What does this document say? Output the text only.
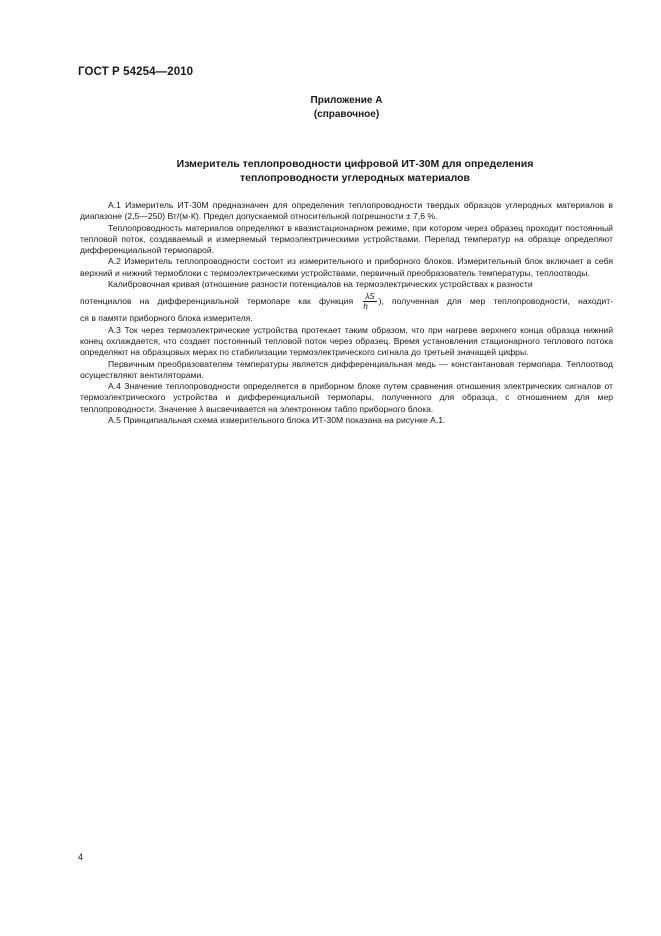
ГОСТ Р 54254—2010
Приложение А
(справочное)
Измеритель теплопроводности цифровой ИТ-30М для определения
теплопроводности углеродных материалов

А.1 Измеритель ИТ-30М предназначен для определения теплопроводности твердых образцов углеродных материалов в диапазоне (2,5—250) Вт/(м·К). Предел допускаемой относительной погрешности ± 7,6 %.

Теплопроводность материалов определяют в квазистационарном режиме, при котором через образец проходит постоянный тепловой поток, создаваемый и измеряемый термоэлектрическими устройствами. Перепад температур на образце определяют дифференциальной термопарой.

А.2 Измеритель теплопроводности состоит из измерительного и приборного блоков. Измерительный блок включает в себя верхний и нижний термоблоки с термоэлектрическими устройствами, первичный преобразователь температуры, теплоотводы.

Калибровочная кривая (отношение разности потенциалов на термоэлектрических устройствах к разности
потенциалов на дифференциальной термопаре как функция $\frac{\lambda S}{h}$ ), полученная для мер теплопроводности, находит-
ся в памяти приборного блока измерителя.

А.3 Ток через термоэлектрические устройства протекает таким образом, что при нагреве верхнего конца образца нижний конец охлаждается, что создает постоянный тепловой поток через образец. Время установления стационарного теплового потока определяют на образцовых мерах по стабилизации термоэлектрического сигнала до третьей значащей цифры.

Первичным преобразователем температуры является дифференциальная медь — константановая термопара. Теплоотвод осуществляют вентиляторами.

А.4 Значение теплопроводности определяется в приборном блоке путем сравнения отношения электрических сигналов от термоэлектрического устройства и дифференциальной термопары, полученного для образца, с отношением для мер теплопроводности. Значение λ высвечивается на электронном табло приборного блока.

А.5 Принципиальная схема измерительного блока ИТ-30М показана на рисунке А.1.

4
